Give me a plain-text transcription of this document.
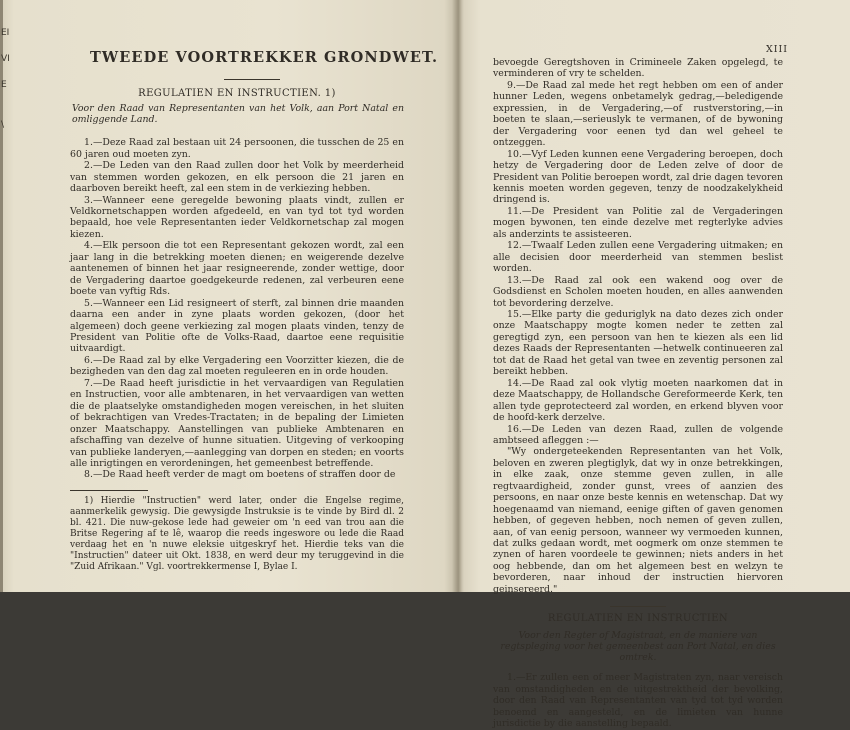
EI
VI
E
\
TWEEDE VOORTREKKER GRONDWET.
REGULATIEN EN INSTRUCTIEN. 1)

Voor den Raad van Representanten van het Volk, aan Port Natal en omliggende Land.

1.—Deze Raad zal bestaan uit 24 persoonen, die tusschen de 25 en 60 jaren oud moeten zyn.

2.—De Leden van den Raad zullen door het Volk by meerderheid van stemmen worden gekozen, en elk persoon die 21 jaren en daarboven bereikt heeft, zal een stem in de verkiezing hebben.

3.—Wanneer eene geregelde bewoning plaats vindt, zullen er Veldkornetschappen worden afgedeeld, en van tyd tot tyd worden bepaald, hoe vele Representanten ieder Veldkornetschap zal mogen kiezen.

4.—Elk persoon die tot een Representant gekozen wordt, zal een jaar lang in die betrekking moeten dienen; en weigerende dezelve aantenemen of binnen het jaar resigneerende, zonder wettige, door de Vergadering daartoe goedgekeurde redenen, zal verbeuren eene boete van vyftig Rds.

5.—Wanneer een Lid resigneert of sterft, zal binnen drie maanden daarna een ander in zyne plaats worden gekozen, (door het algemeen) doch geene verkiezing zal mogen plaats vinden, tenzy de President van Politie ofte de Volks-Raad, daartoe eene requisitie uitvaardigt.

6.—De Raad zal by elke Vergadering een Voorzitter kiezen, die de bezigheden van den dag zal moeten reguleeren en in orde houden.

7.—De Raad heeft jurisdictie in het vervaardigen van Regulatien en Instructien, voor alle ambtenaren, in het vervaardigen van wetten die de plaatselyke omstandigheden mogen vereischen, in het sluiten of bekrachtigen van Vredes-Tractaten; in de bepaling der Limieten onzer Maatschappy. Aanstellingen van publieke Ambtenaren en afschaffing van dezelve of hunne situatien. Uitgeving of verkooping van publieke landeryen,—aanlegging van dorpen en steden; en voorts alle inrigtingen en verordeningen, het gemeenbest betreffende.

8.—De Raad heeft verder de magt om boetens of straffen door de

1) Hierdie "Instructien" werd later, onder die Engelse regime, aanmerkelik gewysig. Die gewysigde Instruksie is te vinde by Bird dl. 2 bl. 421. Die nuw-gekose lede had geweier om 'n eed van trou aan die Britse Regering af te lê, waarop die reeds ingeswore ou lede die Raad verdaag het en 'n nuwe eleksie uitgeskryf het. Hierdie teks van die "Instructien" dateer uit Okt. 1838, en werd deur my teruggevind in die "Zuid Afrikaan." Vgl. voortrekkermense I, Bylae I.

XIII

bevoegde Geregtshoven in Crimineele Zaken opgelegd, te verminderen of vry te schelden.

9.—De Raad zal mede het regt hebben om een of ander hunner Leden, wegens onbetamelyk gedrag,—beledigende expressien, in de Vergadering,—of rustverstoring,—in boeten te slaan,—serieuslyk te vermanen, of de bywoning der Vergadering voor eenen tyd dan wel geheel te ontzeggen.

10.—Vyf Leden kunnen eene Vergadering beroepen, doch hetzy de Vergadering door de Leden zelve of door de President van Politie beroepen wordt, zal drie dagen tevoren kennis moeten worden gegeven, tenzy de noodzakelykheid dringend is.

11.—De President van Politie zal de Vergaderingen mogen bywonen, ten einde dezelve met regterlyke advies als anderzints te assisteeren.

12.—Twaalf Leden zullen eene Vergadering uitmaken; en alle decisien door meerderheid van stemmen beslist worden.

13.—De Raad zal ook een wakend oog over de Godsdienst en Scholen moeten houden, en alles aanwenden tot bevordering derzelve.

15.—Elke party die geduriglyk na dato dezes zich onder onze Maatschappy mogte komen neder te zetten zal geregtigd zyn, een persoon van hen te kiezen als een lid dezes Raads der Representanten —hetwelk continueeren zal tot dat de Raad het getal van twee en zeventig personen zal bereikt hebben.

14.—De Raad zal ook vlytig moeten naarkomen dat in deze Maatschappy, de Hollandsche Gereformeerde Kerk, ten allen tyde geprotecteerd zal worden, en erkend blyven voor de hoofd-kerk derzelve.

16.—De Leden van dezen Raad, zullen de volgende ambtseed afleggen :—

"Wy ondergeteekenden Representanten van het Volk, beloven en zweren plegtiglyk, dat wy in onze betrekkingen, in elke zaak, onze stemme geven zullen, in alle regtvaardigheid, zonder gunst, vrees of aanzien des persoons, en naar onze beste kennis en wetenschap. Dat wy hoegenaamd van niemand, eenige giften of gaven genomen hebben, of gegeven hebben, noch nemen of geven zullen, aan, of van eenig persoon, wanneer wy vermoeden kunnen, dat zulks gedaan wordt, met oogmerk om onze stemmen te zynen of haren voordeele te gewinnen; niets anders in het oog hebbende, dan om het algemeen best en welzyn te bevorderen, naar inhoud der instructien hiervoren geinsereerd."

REGULATIEN EN INSTRUCTIEN

Voor den Regter of Magistraat, en de maniere van regtspleging voor het gemeenbest aan Port Natal, en dies omtrek.

1.—Er zullen een of meer Magistraten zyn, naar vereisch van omstandigheden en de uitgestrektheid der bevolking, door den Raad van Representanten van tyd tot tyd worden benoemd en aangesteld, en de limieten van hunne jurisdictie by die aanstelling bepaald.
